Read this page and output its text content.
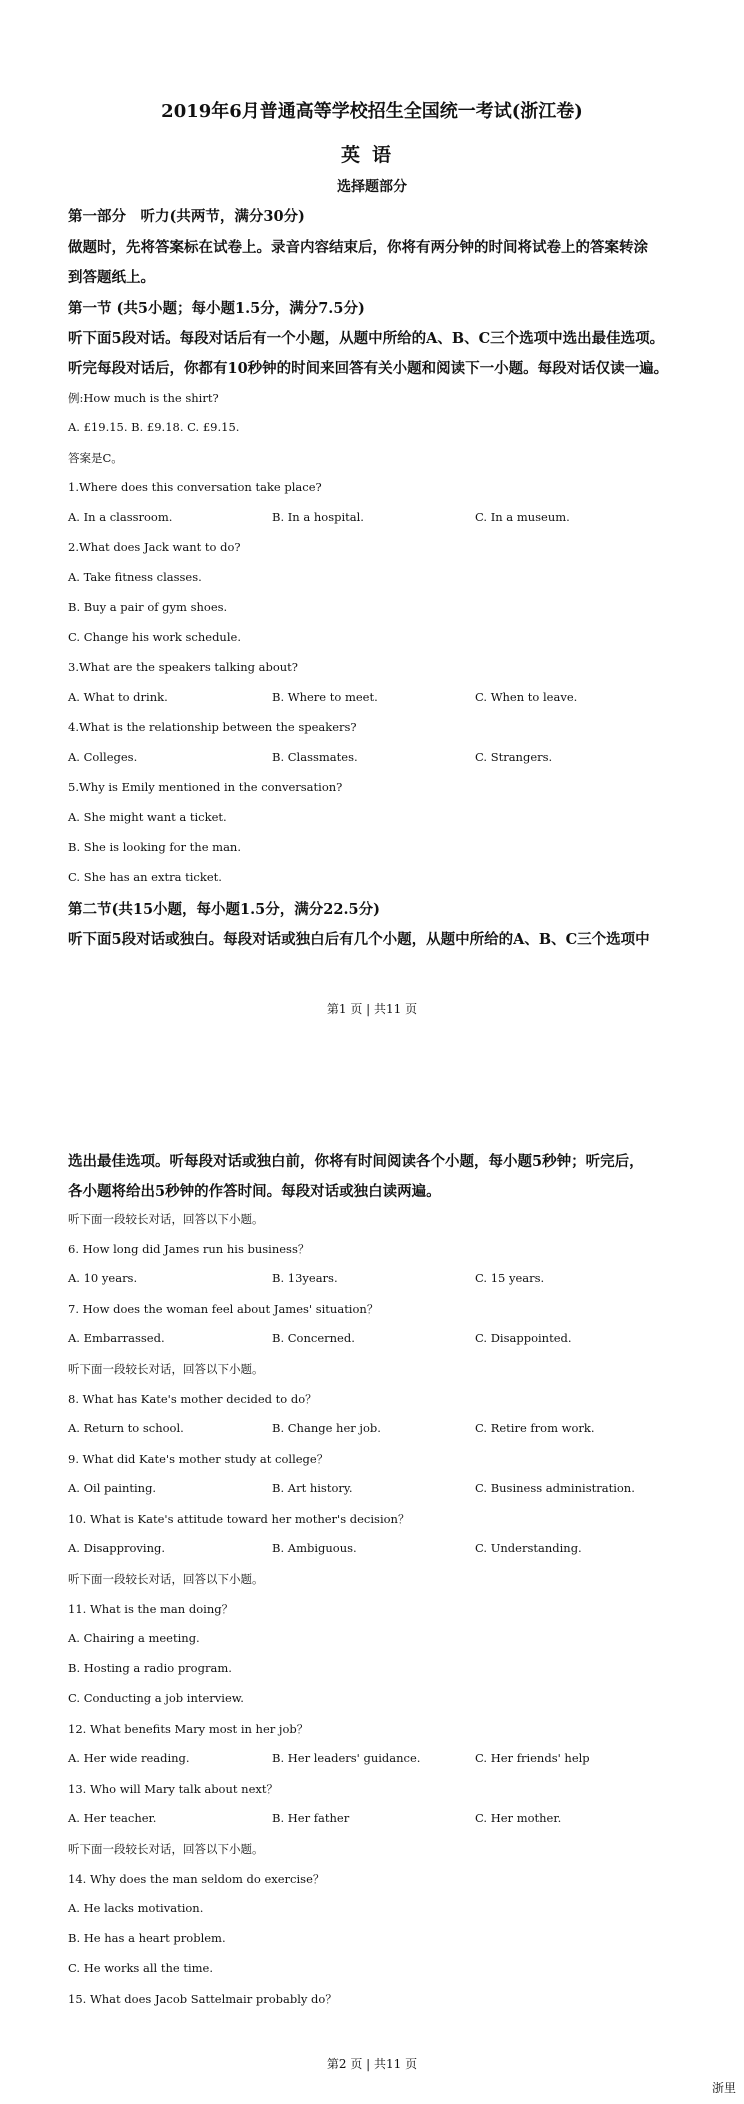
2019年6月普通高等学校招生全国统一考试(浙江卷)
英语
选择题部分
第一部分　听力(共两节，满分30分)
做题时，先将答案标在试卷上。录音内容结束后，你将有两分钟的时间将试卷上的答案转涂
到答题纸上。
第一节 (共5小题；每小题1.5分，满分7.5分)
听下面5段对话。每段对话后有一个小题，从题中所给的A、B、C三个选项中选出最佳选项。
听完每段对话后，你都有10秒钟的时间来回答有关小题和阅读下一小题。每段对话仅读一遍。
例:How much is the shirt?
A. £19.15. B. £9.18. C. £9.15.
答案是C。
1.Where does this conversation take place?
A. In a classroom.	B. In a hospital.	C. In a museum.
2.What does Jack want to do?
A. Take fitness classes.
B. Buy a pair of gym shoes.
C. Change his work schedule.
3.What are the speakers talking about?
A. What to drink.	B. Where to meet.	C. When to leave.
4.What is the relationship between the speakers?
A. Colleges.	B. Classmates.	C. Strangers.
5.Why is Emily mentioned in the conversation?
A. She might want a ticket.
B. She is looking for the man.
C. She has an extra ticket.
第二节(共15小题，每小题1.5分，满分22.5分)
听下面5段对话或独白。每段对话或独白后有几个小题，从题中所给的A、B、C三个选项中
第1 页 | 共11 页
选出最佳选项。听每段对话或独白前，你将有时间阅读各个小题，每小题5秒钟；听完后，
各小题将给出5秒钟的作答时间。每段对话或独白读两遍。
听下面一段较长对话，回答以下小题。
6. How long did James run his business？
A. 10 years.	B. 13years.	C. 15 years.
7. How does the woman feel about James' situation？
A. Embarrassed.	B. Concerned.	C. Disappointed.
听下面一段较长对话，回答以下小题。
8. What has Kate's mother decided to do？
A. Return to school.	B. Change her job.	C. Retire from work.
9. What did Kate's mother study at college？
A. Oil painting.	B. Art history.	C. Business administration.
10. What is Kate's attitude toward her mother's decision？
A. Disapproving.	B. Ambiguous.	C. Understanding.
听下面一段较长对话，回答以下小题。
11. What is the man doing？
A. Chairing a meeting.
B. Hosting a radio program.
C. Conducting a job interview.
12. What benefits Mary most in her job？
A. Her wide reading.	B. Her leaders' guidance.	C. Her friends' help
13. Who will Mary talk about next？
A. Her teacher.	B. Her father	C. Her mother.
听下面一段较长对话，回答以下小题。
14. Why does the man seldom do exercise？
A. He lacks motivation.
B. He has a heart problem.
C. He works all the time.
15. What does Jacob Sattelmair probably do？
第2 页 | 共11 页
浙里
